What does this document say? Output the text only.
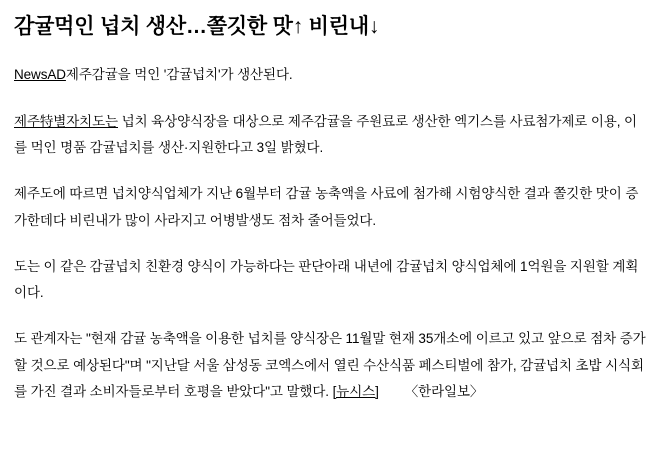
감귤먹인 넙치 생산…쫄깃한 맛↑ 비린내↓

NewsAD제주감귤을 먹인 '감귤넙치'가 생산된다.

제주特별자치도는 넙치 육상양식장을 대상으로 제주감귤을 주원료로 생산한 엑기스를 사료첨가제로 이용, 이를 먹인 명품 감귤넙치를 생산·지원한다고 3일 밝혔다.

제주도에 따르면 넙치양식업체가 지난 6월부터 감귤 농축액을 사료에 첨가해 시험양식한 결과 쫄깃한 맛이 증가한데다 비린내가 많이 사라지고 어병발생도 점차 줄어들었다.

도는 이 같은 감귤넙치 친환경 양식이 가능하다는 판단아래 내년에 감귤넙치 양식업체에 1억원을 지원할 계획이다.

도 관계자는 "현재 감귤 농축액을 이용한 넙치를 양식장은 11월말 현재 35개소에 이르고 있고 앞으로 점차 증가할 것으로 예상된다"며 "지난달 서울 삼성동 코엑스에서 열린 수산식품 페스티벌에 참가, 감귤넙치 초밥 시식회를 가진 결과 소비자들로부터 호평을 받았다"고 말했다. [뉴시스] 〈한라일보〉
